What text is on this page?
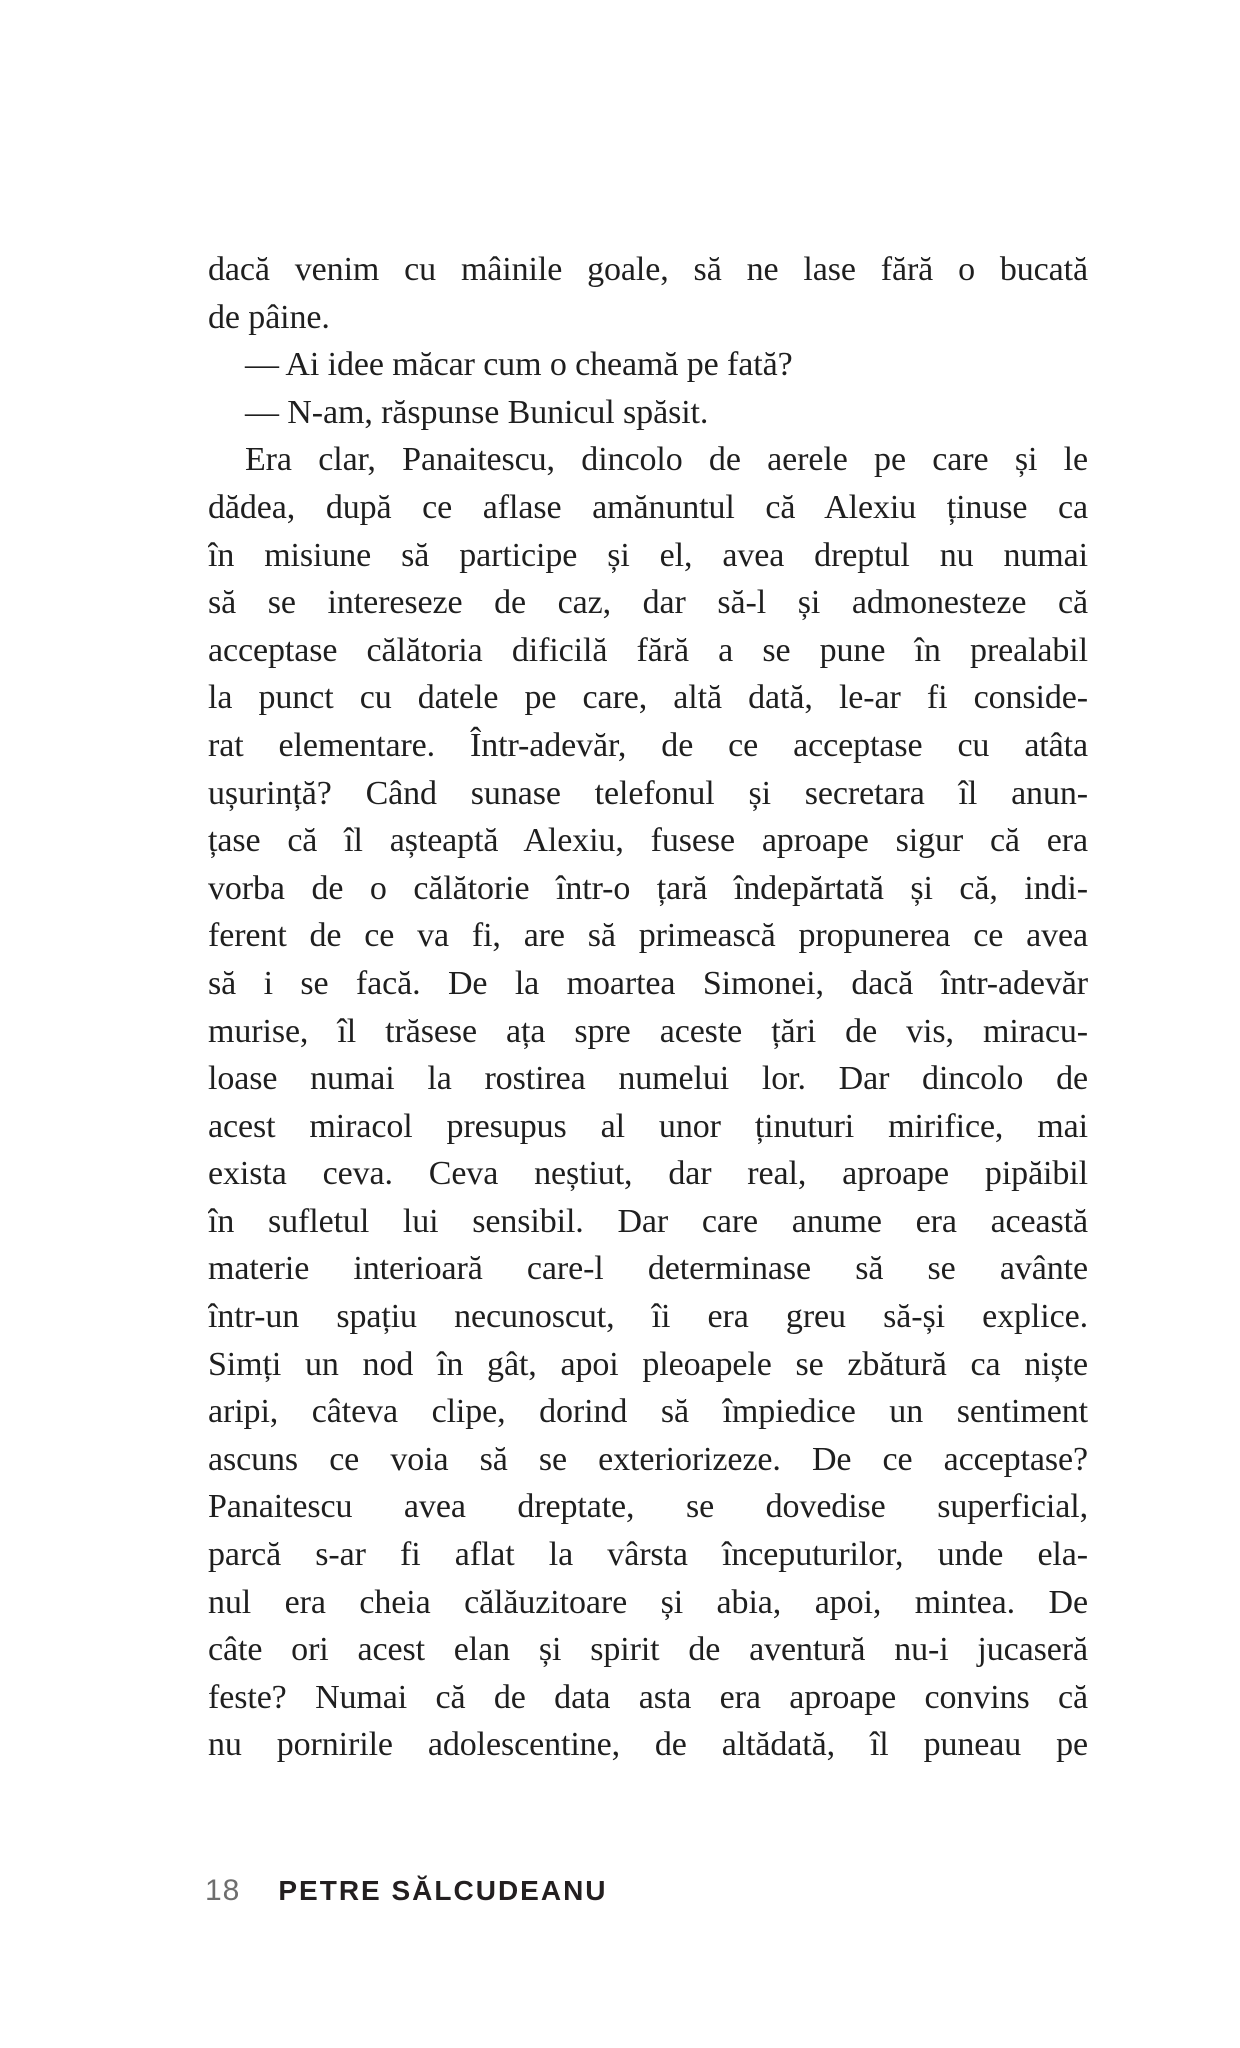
dacă venim cu mâinile goale, să ne lase fără o bucată
de pâine.
— Ai idee măcar cum o cheamă pe fată?
— N-am, răspunse Bunicul spăsit.
Era clar, Panaitescu, dincolo de aerele pe care și le
dădea, după ce aflase amănuntul că Alexiu ținuse ca
în misiune să participe și el, avea dreptul nu numai
să se intereseze de caz, dar să-l și admonesteze că
acceptase călătoria dificilă fără a se pune în prealabil
la punct cu datele pe care, altă dată, le-ar fi conside-
rat elementare. Într-adevăr, de ce acceptase cu atâta
ușurință? Când sunase telefonul și secretara îl anun-
țase că îl așteaptă Alexiu, fusese aproape sigur că era
vorba de o călătorie într-o țară îndepărtată și că, indi-
ferent de ce va fi, are să primească propunerea ce avea
să i se facă. De la moartea Simonei, dacă într-adevăr
murise, îl trăsese ața spre aceste țări de vis, miracu-
loase numai la rostirea numelui lor. Dar dincolo de
acest miracol presupus al unor ținuturi mirifice, mai
exista ceva. Ceva neștiut, dar real, aproape pipăibil
în sufletul lui sensibil. Dar care anume era această
materie interioară care-l determinase să se avânte
într-un spațiu necunoscut, îi era greu să-și explice.
Simți un nod în gât, apoi pleoapele se zbătură ca niște
aripi, câteva clipe, dorind să împiedice un sentiment
ascuns ce voia să se exteriorizeze. De ce acceptase?
Panaitescu avea dreptate, se dovedise superficial,
parcă s-ar fi aflat la vârsta începuturilor, unde ela-
nul era cheia călăuzitoare și abia, apoi, mintea. De
câte ori acest elan și spirit de aventură nu-i jucaseră
feste? Numai că de data asta era aproape convins că
nu pornirile adolescentine, de altădată, îl puneau pe
18 PETRE SĂLCUDEANU
